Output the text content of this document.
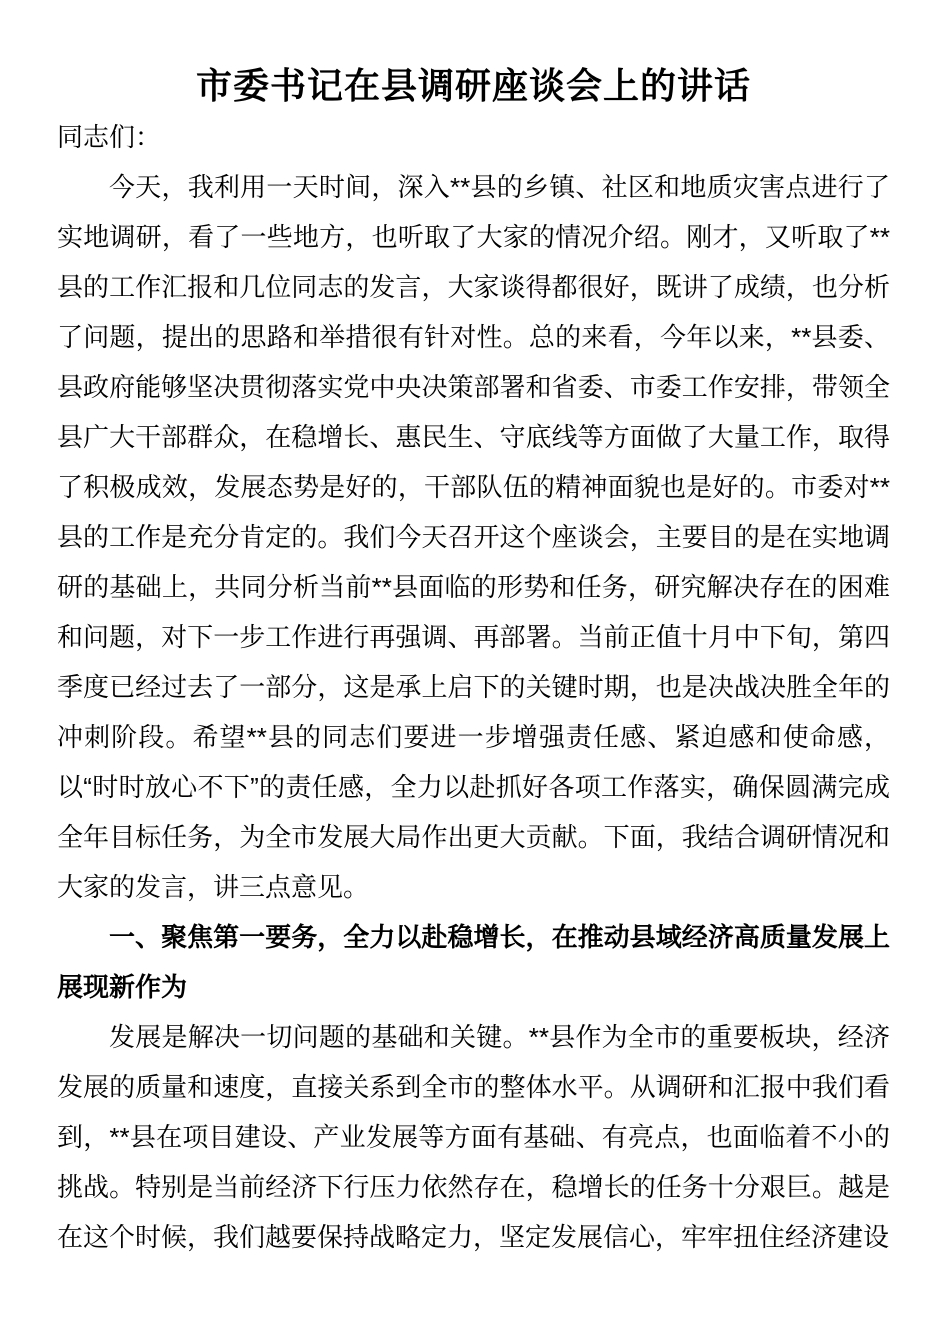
市委书记在县调研座谈会上的讲话

同志们：

今天，我利用一天时间，深入**县的乡镇、社区和地质灾害点进行了实地调研，看了一些地方，也听取了大家的情况介绍。刚才，又听取了**县的工作汇报和几位同志的发言，大家谈得都很好，既讲了成绩，也分析了问题，提出的思路和举措很有针对性。总的来看，今年以来，**县委、县政府能够坚决贯彻落实党中央决策部署和省委、市委工作安排，带领全县广大干部群众，在稳增长、惠民生、守底线等方面做了大量工作，取得了积极成效，发展态势是好的，干部队伍的精神面貌也是好的。市委对**县的工作是充分肯定的。我们今天召开这个座谈会，主要目的是在实地调研的基础上，共同分析当前**县面临的形势和任务，研究解决存在的困难和问题，对下一步工作进行再强调、再部署。当前正值十月中下旬，第四季度已经过去了一部分，这是承上启下的关键时期，也是决战决胜全年的冲刺阶段。希望**县的同志们要进一步增强责任感、紧迫感和使命感，以“时时放心不下”的责任感，全力以赴抓好各项工作落实，确保圆满完成全年目标任务，为全市发展大局作出更大贡献。下面，我结合调研情况和大家的发言，讲三点意见。

一、聚焦第一要务，全力以赴稳增长，在推动县域经济高质量发展上展现新作为

发展是解决一切问题的基础和关键。**县作为全市的重要板块，经济发展的质量和速度，直接关系到全市的整体水平。从调研和汇报中我们看到，**县在项目建设、产业发展等方面有基础、有亮点，也面临着不小的挑战。特别是当前经济下行压力依然存在，稳增长的任务十分艰巨。越是在这个时候，我们越要保持战略定力，坚定发展信心，牢牢扭住经济建设
